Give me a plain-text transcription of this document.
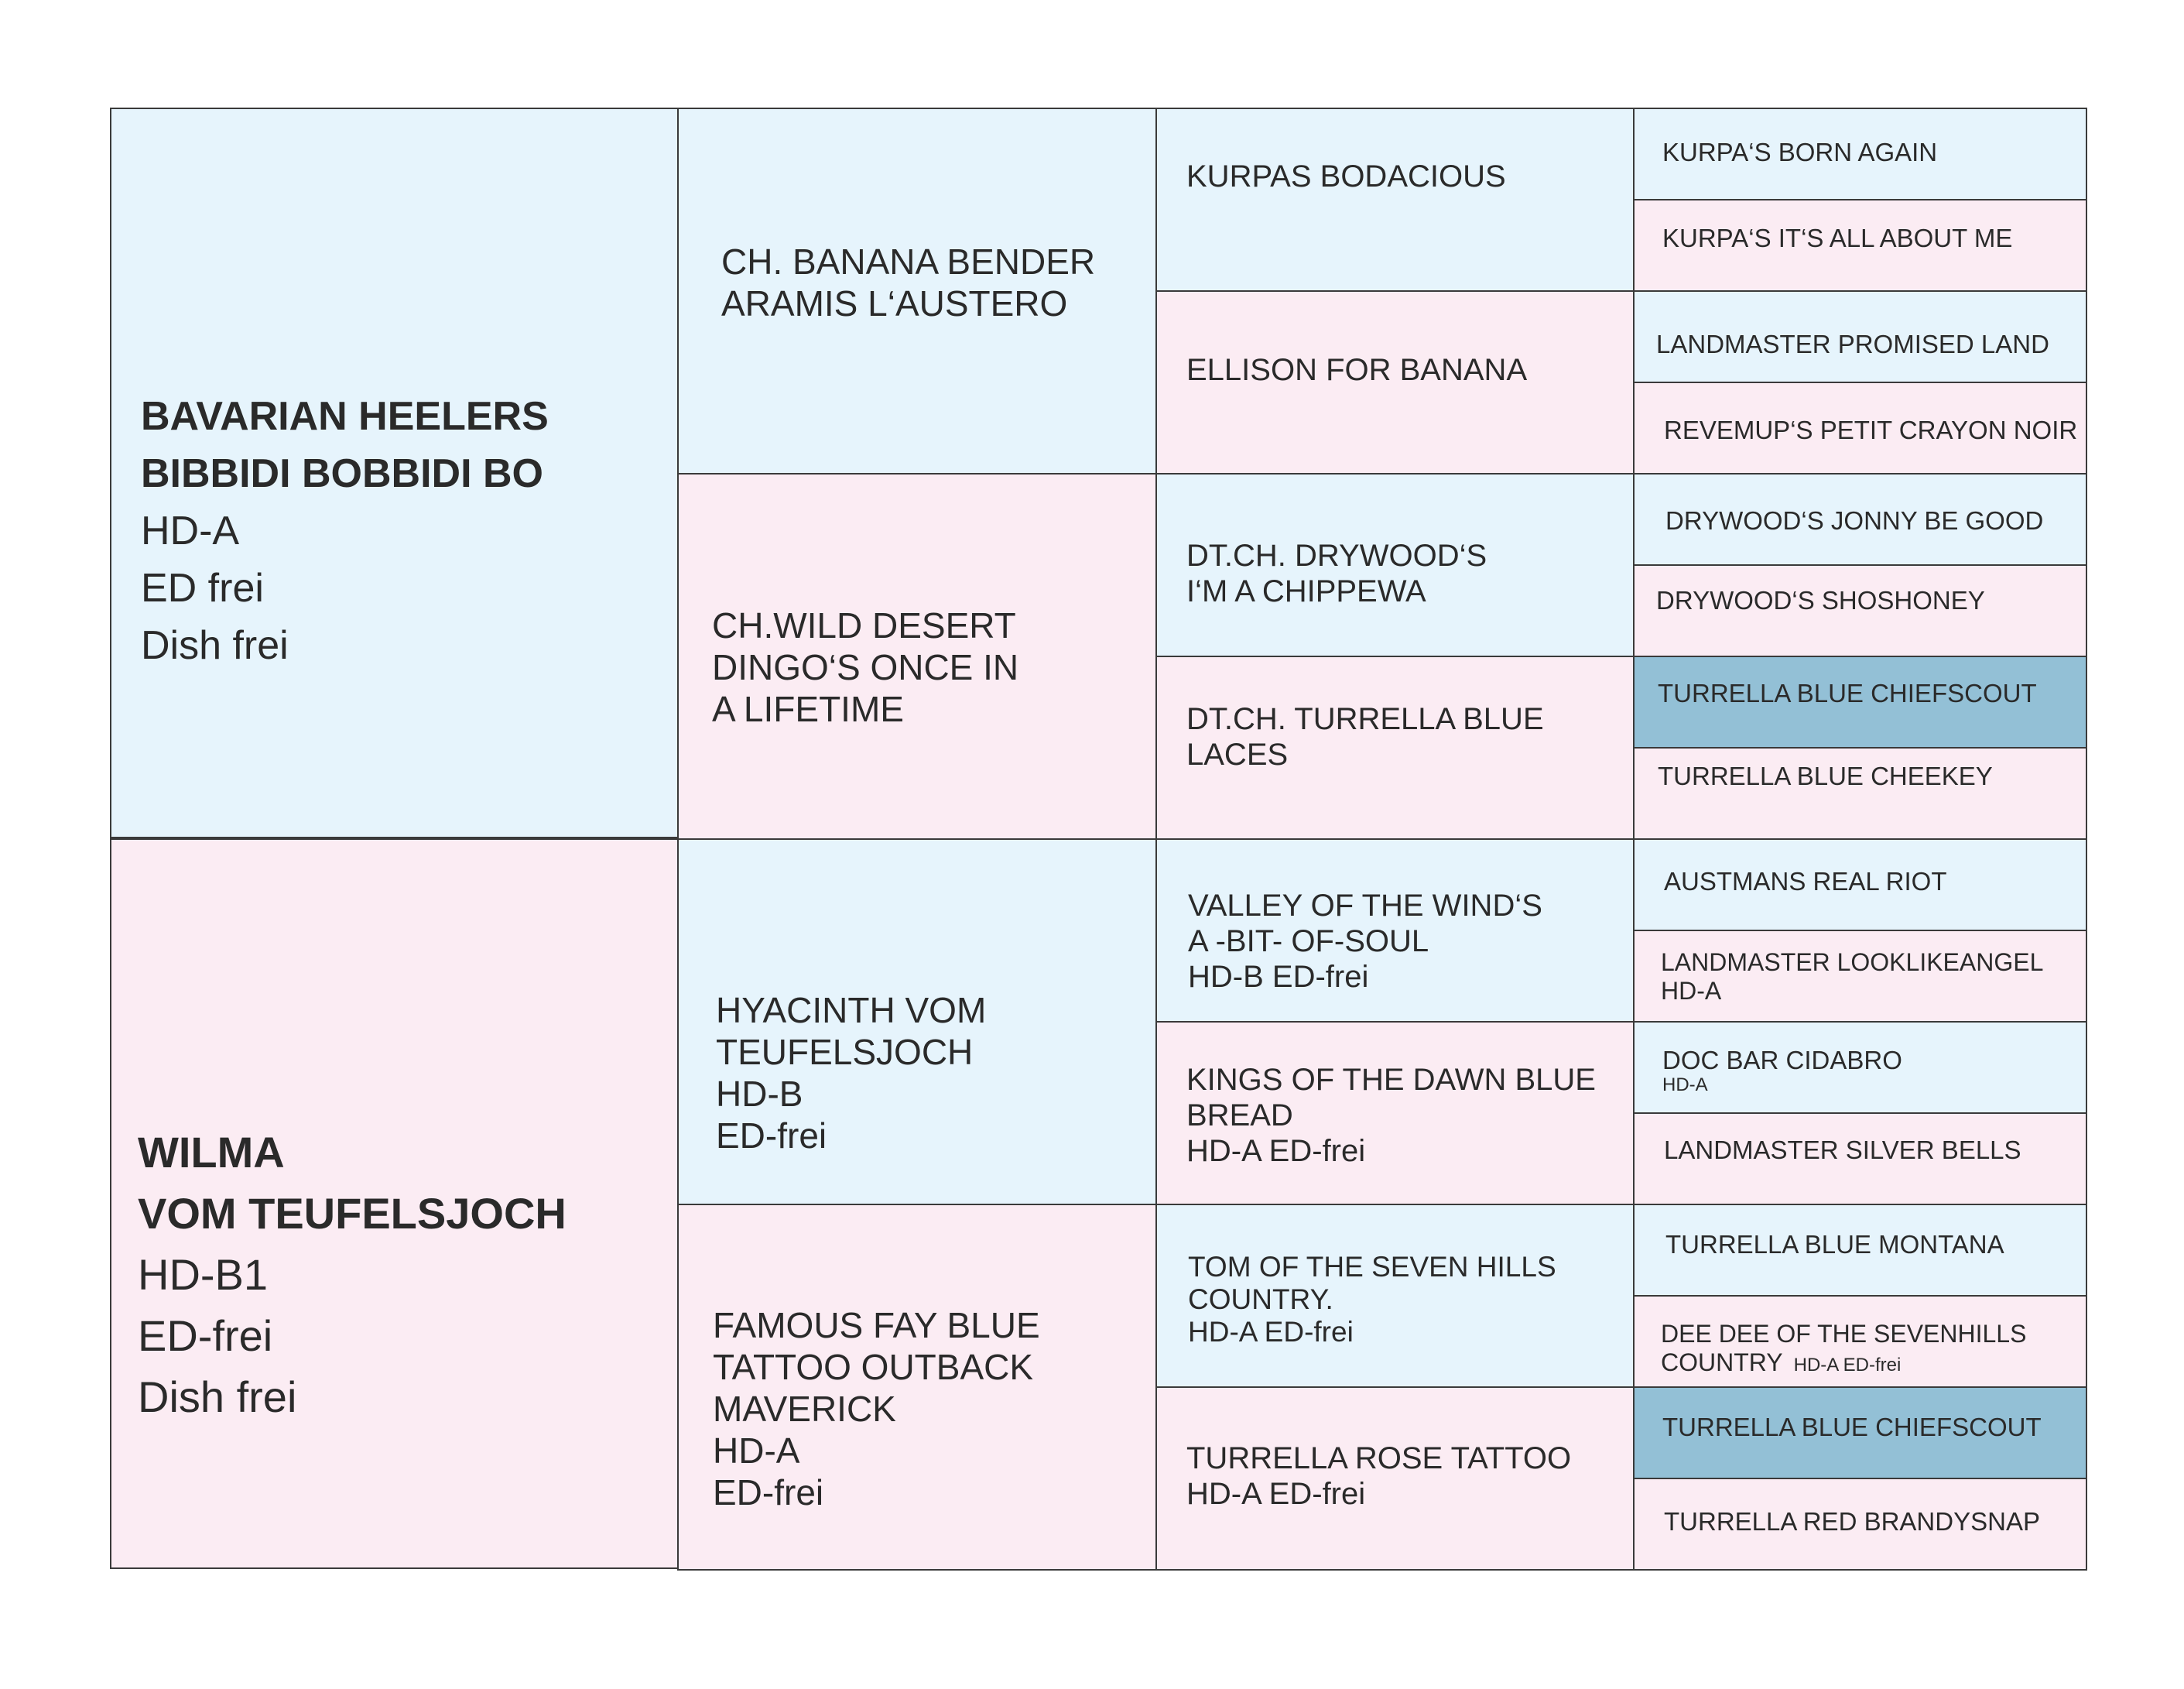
BAVARIAN HEELERS
BIBBIDI BOBBIDI BO
HD-A
ED frei
Dish frei
WILMA
VOM TEUFELSJOCH
HD-B1
ED-frei
Dish frei
CH. BANANA BENDER
ARAMIS L‘AUSTERO
CH.WILD DESERT
DINGO‘S ONCE IN
A LIFETIME
HYACINTH VOM
TEUFELSJOCH
HD-B
ED-frei
FAMOUS FAY BLUE
TATTOO OUTBACK
MAVERICK
HD-A
ED-frei
KURPAS BODACIOUS
ELLISON FOR BANANA
DT.CH. DRYWOOD‘S
I‘M A CHIPPEWA
DT.CH. TURRELLA BLUE
LACES
VALLEY OF THE WIND‘S
A -BIT- OF-SOUL
HD-B ED-frei
KINGS OF THE DAWN BLUE
BREAD
HD-A ED-frei
TOM OF THE SEVEN HILLS
COUNTRY.
HD-A ED-frei
TURRELLA ROSE TATTOO
HD-A ED-frei
KURPA‘S BORN AGAIN
KURPA‘S IT‘S ALL ABOUT ME
LANDMASTER PROMISED LAND
REVEMUP‘S PETIT CRAYON NOIR
DRYWOOD‘S JONNY BE GOOD
DRYWOOD‘S SHOSHONEY
TURRELLA BLUE CHIEFSCOUT
TURRELLA BLUE CHEEKEY
AUSTMANS REAL RIOT
LANDMASTER LOOKLIKEANGEL
HD-A
DOC BAR CIDABRO
HD-A
LANDMASTER SILVER BELLS
TURRELLA BLUE MONTANA
DEE DEE OF THE SEVENHILLS
COUNTRY HD-A ED-frei
TURRELLA BLUE CHIEFSCOUT
TURRELLA RED BRANDYSNAP
